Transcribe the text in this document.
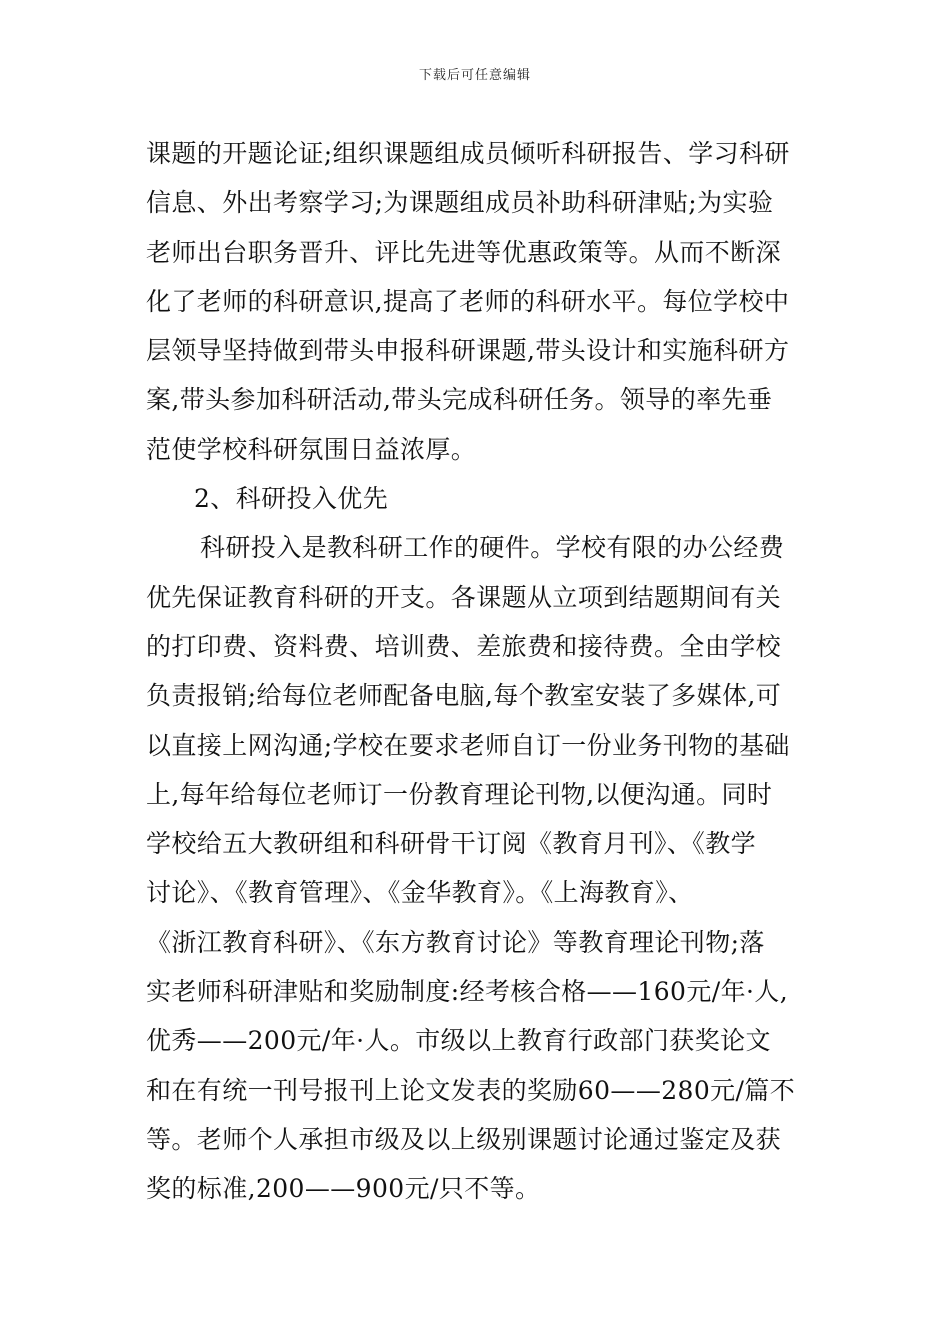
下载后可任意编辑
课题的开题论证;组织课题组成员倾听科研报告、学习科研
信息、外出考察学习;为课题组成员补助科研津贴;为实验
老师出台职务晋升、评比先进等优惠政策等。从而不断深
化了老师的科研意识,提高了老师的科研水平。每位学校中
层领导坚持做到带头申报科研课题,带头设计和实施科研方
案,带头参加科研活动,带头完成科研任务。领导的率先垂
范使学校科研氛围日益浓厚。
2、科研投入优先
科研投入是教科研工作的硬件。学校有限的办公经费
优先保证教育科研的开支。各课题从立项到结题期间有关
的打印费、资料费、培训费、差旅费和接待费。全由学校
负责报销;给每位老师配备电脑,每个教室安装了多媒体,可
以直接上网沟通;学校在要求老师自订一份业务刊物的基础
上,每年给每位老师订一份教育理论刊物,以便沟通。同时
学校给五大教研组和科研骨干订阅《教育月刊》、《教学
讨论》、《教育管理》、《金华教育》。《上海教育》、
《浙江教育科研》、《东方教育讨论》等教育理论刊物;落
实老师科研津贴和奖励制度:经考核合格——160元/年·人,
优秀——200元/年·人。市级以上教育行政部门获奖论文
和在有统一刊号报刊上论文发表的奖励60——280元/篇不
等。老师个人承担市级及以上级别课题讨论通过鉴定及获
奖的标准,200——900元/只不等。
